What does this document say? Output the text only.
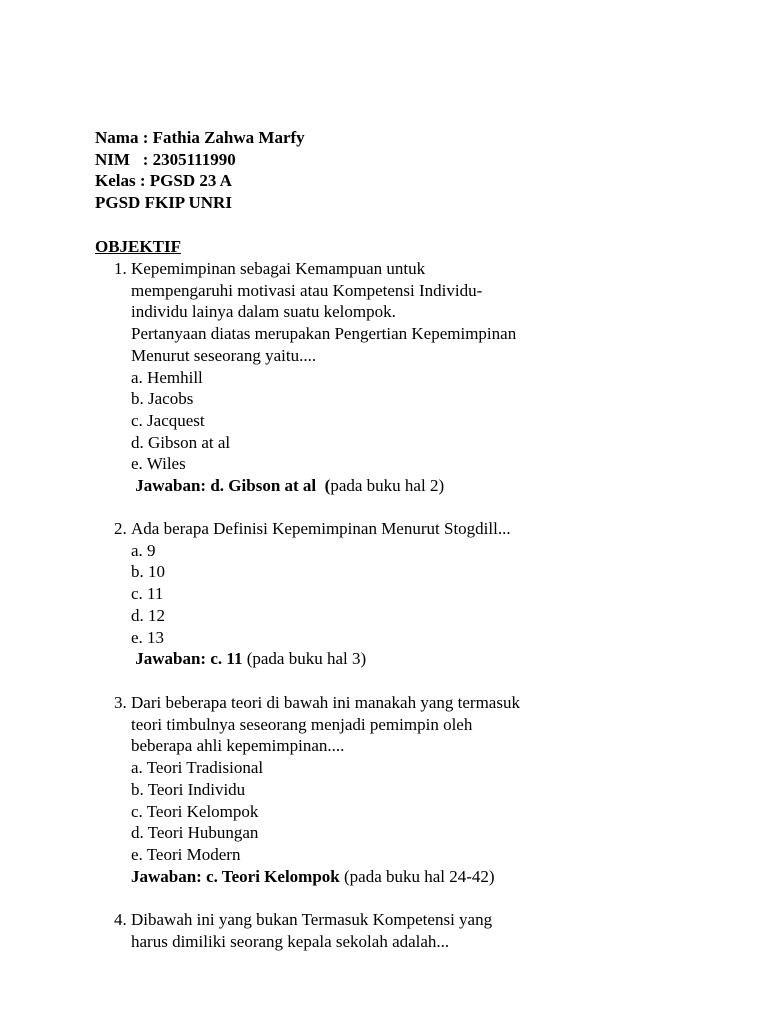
Nama : Fathia Zahwa Marfy
NIM   : 2305111990
Kelas : PGSD 23 A
PGSD FKIP UNRI
OBJEKTIF
1. Kepemimpinan sebagai Kemampuan untuk
mempengaruhi motivasi atau Kompetensi Individu-
individu lainya dalam suatu kelompok.
Pertanyaan diatas merupakan Pengertian Kepemimpinan
Menurut seseorang yaitu....
a. Hemhill
b. Jacobs
c. Jacquest
d. Gibson at al
e. Wiles
Jawaban: d. Gibson at al  (pada buku hal 2)
2. Ada berapa Definisi Kepemimpinan Menurut Stogdill...
a. 9
b. 10
c. 11
d. 12
e. 13
Jawaban: c. 11 (pada buku hal 3)
3. Dari beberapa teori di bawah ini manakah yang termasuk
teori timbulnya seseorang menjadi pemimpin oleh
beberapa ahli kepemimpinan....
a. Teori Tradisional
b. Teori Individu
c. Teori Kelompok
d. Teori Hubungan
e. Teori Modern
Jawaban: c. Teori Kelompok (pada buku hal 24-42)
4. Dibawah ini yang bukan Termasuk Kompetensi yang
harus dimiliki seorang kepala sekolah adalah...
